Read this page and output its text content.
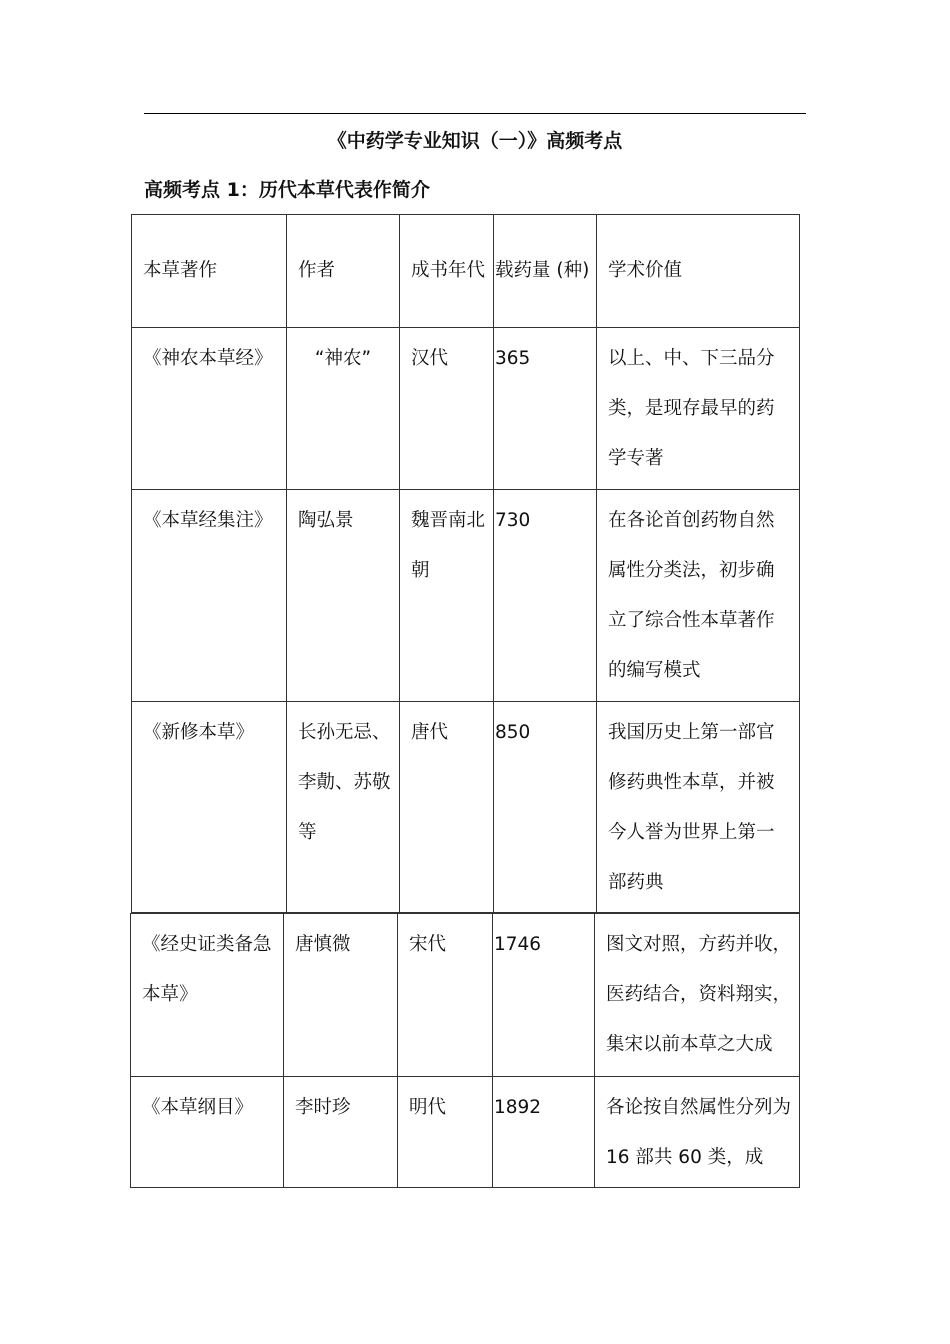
《中药学专业知识（一）》高频考点
高频考点 1：历代本草代表作简介
本草著作	作者	成书年代	载药量 (种)	学术价值
《神农本草经》	“神农”	汉代	365	以上、中、下三品分类，是现存最早的药学专著
《本草经集注》	陶弘景	魏晋南北朝	730	在各论首创药物自然属性分类法，初步确立了综合性本草著作的编写模式
《新修本草》	长孙无忌、李勣、苏敬等	唐代	850	我国历史上第一部官修药典性本草，并被今人誉为世界上第一部药典
《经史证类备急本草》	唐慎微	宋代	1746	图文对照，方药并收，医药结合，资料翔实，集宋以前本草之大成
《本草纲目》	李时珍	明代	1892	各论按自然属性分列为 16 部共 60 类，成
